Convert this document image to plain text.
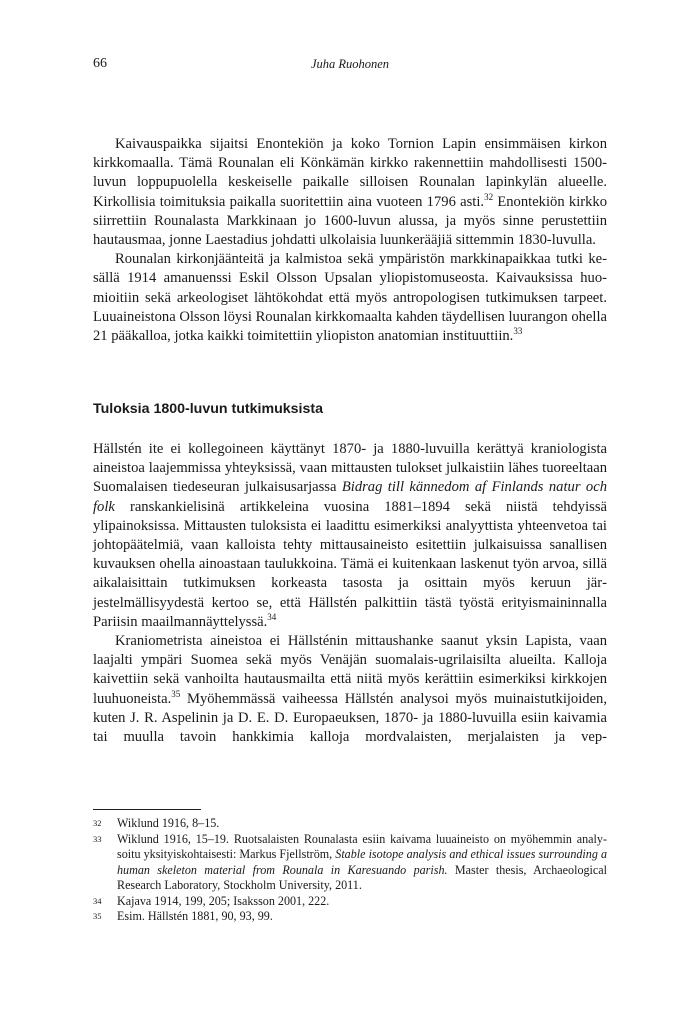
66	Juha Ruohonen

Kaivauspaikka sijaitsi Enontekiön ja koko Tornion Lapin ensimmäisen kirkon kirkkomaalla. Tämä Rounalan eli Könkämän kirkko rakennettiin mahdollisesti 1500-luvun loppupuolella keskeiselle paikalle silloisen Rounalan lapinkylän alueelle. Kirkollisia toimituksia paikalla suoritettiin aina vuoteen 1796 asti.$^{32}$ Enontekiön kirkko siirrettiin Rounalasta Markkinaan jo 1600-luvun alussa, ja myös sinne perustettiin hautausmaa, jonne Laestadius johdatti ulkolaisia luunkerääjiä sittemmin 1830-luvulla.

Rounalan kirkonjäänteitä ja kalmistoa sekä ympäristön markkinapaikkaa tutki kesällä 1914 amanuenssi Eskil Olsson Upsalan yliopistomuseosta. Kaivauksissa huomioitiin sekä arkeologiset lähtökohdat että myös antropologisen tutkimuksen tarpeet. Luuaineistona Olsson löysi Rounalan kirkkomaalta kahden täydellisen luurangon ohella 21 pääkalloa, jotka kaikki toimitettiin yliopiston anatomian instituuttiin.$^{33}$

Tuloksia 1800-luvun tutkimuksista

Hällstén ite ei kollegoineen käyttänyt 1870- ja 1880-luvuilla kerättyä kraniologista aineistoa laajemmissa yhteyksissä, vaan mittausten tulokset julkaistiin lähes tuoreeltaan Suomalaisen tiedeseuran julkaisusarjassa Bidrag till kännedom af Finlands natur och folk ranskankielisinä artikkeleina vuosina 1881–1894 sekä niistä tehdyissä ylipainoksissa. Mittausten tuloksista ei laadittu esimerkiksi analyyttista yhteenvetoa tai johtopäätelmiä, vaan kalloista tehty mittausaineisto esitettiin julkaisuissa sanallisen kuvauksen ohella ainoastaan taulukkoina. Tämä ei kuitenkaan laskenut työn arvoa, sillä aikalaisittain tutkimuksen korkeasta tasosta ja osittain myös keruun järjestelmällisyydestä kertoo se, että Hällstén palkittiin tästä työstä erityismaininnalla Pariisin maailmannäyttelyssä.$^{34}$

Kraniometrista aineistoa ei Hällsténin mittaushanke saanut yksin Lapista, vaan laajalti ympäri Suomea sekä myös Venäjän suomalais-ugrilaisilta alueilta. Kalloja kaivettiin sekä vanhoilta hautausmailta että niitä myös kerättiin esimerkiksi kirkkojen luuhuoneista.$^{35}$ Myöhemmässä vaiheessa Hällstén analysoi myös muinaistutkijoiden, kuten J. R. Aspelinin ja D. E. D. Europaeuksen, 1870- ja 1880-luvuilla esiin kaivamia tai muulla tavoin hankkimia kalloja mordvalaisten, merjalaisten ja vep-

32	Wiklund 1916, 8–15.
33	Wiklund 1916, 15–19. Ruotsalaisten Rounalasta esiin kaivama luuaineisto on myöhemmin analysoitu yksityiskohtaisesti: Markus Fjellström, Stable isotope analysis and ethical issues surrounding a human skeleton material from Rounala in Karesuando parish. Master thesis, Archaeological Research Laboratory, Stockholm University, 2011.
34	Kajava 1914, 199, 205; Isaksson 2001, 222.
35	Esim. Hällstén 1881, 90, 93, 99.
